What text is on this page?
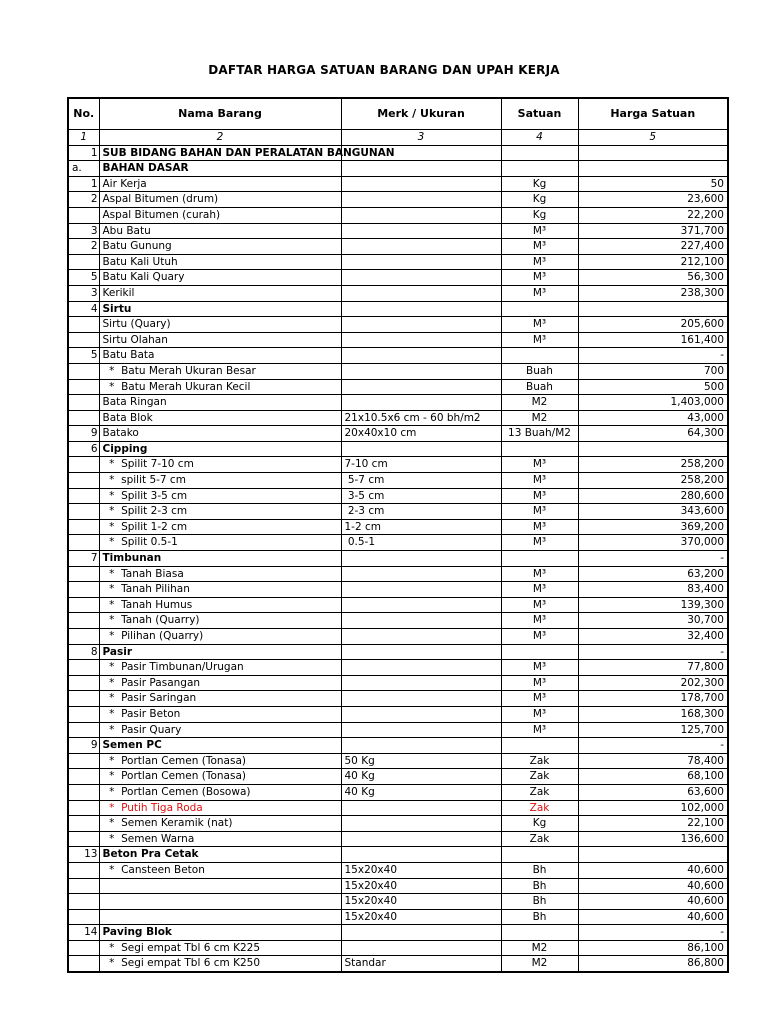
DAFTAR HARGA SATUAN BARANG DAN UPAH KERJA
No.	Nama Barang	Merk / Ukuran	Satuan	Harga Satuan
1	2	3	4	5
1	SUB BIDANG BAHAN DAN PERALATAN BANGUNAN			
a.	BAHAN DASAR			
1	Air Kerja		Kg	50
2	Aspal Bitumen (drum)		Kg	23,600
	Aspal Bitumen (curah)		Kg	22,200
3	Abu Batu		M³	371,700
2	Batu Gunung		M³	227,400
	Batu Kali Utuh		M³	212,100
5	Batu Kali Quary		M³	56,300
3	Kerikil		M³	238,300
4	Sirtu			
	Sirtu (Quary)		M³	205,600
	Sirtu Olahan		M³	161,400
5	Batu Bata			-
	*  Batu Merah Ukuran Besar		Buah	700
	*  Batu Merah Ukuran Kecil		Buah	500
	Bata Ringan		M2	1,403,000
	Bata Blok	21x10.5x6 cm - 60 bh/m2	M2	43,000
9	Batako	20x40x10 cm	13 Buah/M2	64,300
6	Cipping			
	*  Spilit 7-10 cm	7-10 cm	M³	258,200
	*  spilit 5-7 cm	5-7 cm	M³	258,200
	*  Spilit 3-5 cm	3-5 cm	M³	280,600
	*  Spilit 2-3 cm	2-3 cm	M³	343,600
	*  Spilit 1-2 cm	1-2 cm	M³	369,200
	*  Spilit 0.5-1	0.5-1	M³	370,000
7	Timbunan			-
	*  Tanah Biasa		M³	63,200
	*  Tanah Pilihan		M³	83,400
	*  Tanah Humus		M³	139,300
	*  Tanah (Quarry)		M³	30,700
	*  Pilihan (Quarry)		M³	32,400
8	Pasir			-
	*  Pasir Timbunan/Urugan		M³	77,800
	*  Pasir Pasangan		M³	202,300
	*  Pasir Saringan		M³	178,700
	*  Pasir Beton		M³	168,300
	*  Pasir Quary		M³	125,700
9	Semen PC			-
	*  Portlan Cemen (Tonasa)	50 Kg	Zak	78,400
	*  Portlan Cemen (Tonasa)	40 Kg	Zak	68,100
	*  Portlan Cemen (Bosowa)	40 Kg	Zak	63,600
	*  Putih Tiga Roda		Zak	102,000
	*  Semen Keramik (nat)		Kg	22,100
	*  Semen Warna		Zak	136,600
13	Beton Pra Cetak			
	*  Cansteen Beton	15x20x40	Bh	40,600
		15x20x40	Bh	40,600
		15x20x40	Bh	40,600
		15x20x40	Bh	40,600
14	Paving Blok			-
	*  Segi empat Tbl 6 cm K225		M2	86,100
	*  Segi empat Tbl 6 cm K250	Standar	M2	86,800
